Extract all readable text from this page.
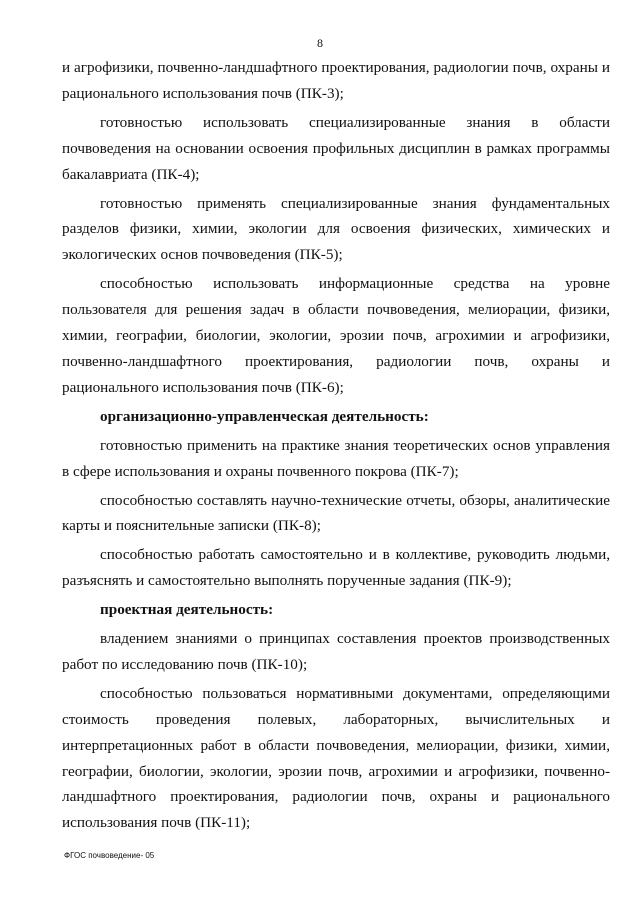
8

и агрофизики, почвенно-ландшафтного проектирования, радиологии почв, охраны и рационального использования почв (ПК-3);

готовностью использовать специализированные знания в области почвоведения на основании освоения профильных дисциплин в рамках программы бакалавриата (ПК-4);

готовностью применять специализированные знания фундаментальных разделов физики, химии, экологии для освоения физических, химических и экологических основ почвоведения (ПК-5);

способностью использовать информационные средства на уровне пользователя для решения задач в области почвоведения, мелиорации, физики, химии, географии, биологии, экологии, эрозии почв, агрохимии и агрофизики, почвенно-ландшафтного проектирования, радиологии почв, охраны и рационального использования почв (ПК-6);

организационно-управленческая деятельность:

готовностью применить на практике знания теоретических основ управления в сфере использования и охраны почвенного покрова (ПК-7);

способностью составлять научно-технические отчеты, обзоры, аналитические карты и пояснительные записки (ПК-8);

способностью работать самостоятельно и в коллективе, руководить людьми, разъяснять и самостоятельно выполнять порученные задания (ПК-9);

проектная деятельность:

владением знаниями о принципах составления проектов производственных работ по исследованию почв (ПК-10);

способностью пользоваться нормативными документами, определяющими стоимость проведения полевых, лабораторных, вычислительных и интерпретационных работ в области почвоведения, мелиорации, физики, химии, географии, биологии, экологии, эрозии почв, агрохимии и агрофизики, почвенно-ландшафтного проектирования, радиологии почв, охраны и рационального использования почв (ПК-11);

ФГОС почвоведение- 05
